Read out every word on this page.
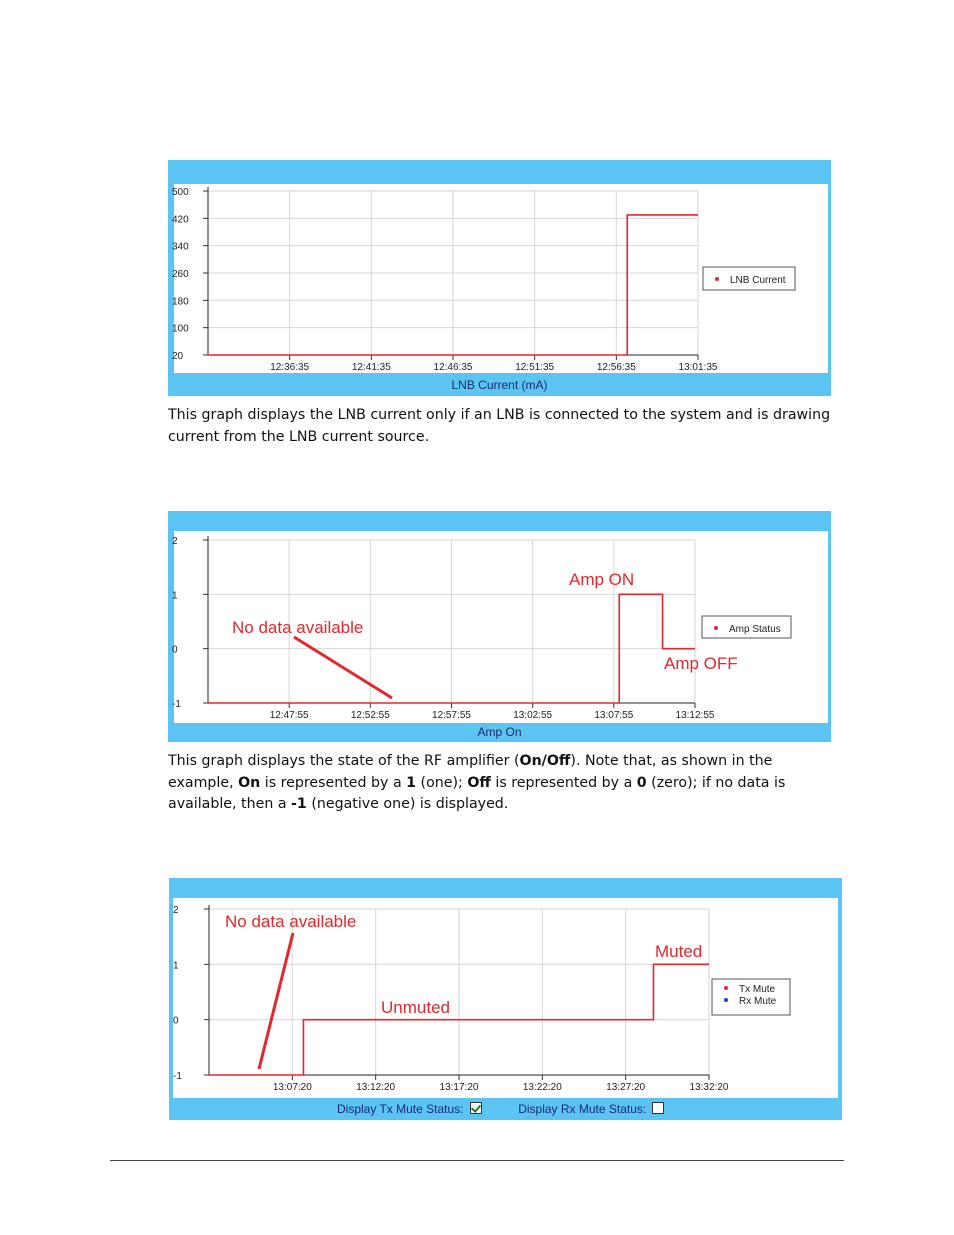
500
420
340
260
180
100
20
12:36:35	12:41:35	12:46:35	12:51:35	12:56:35	13:01:35
LNB Current
LNB Current (mA)

This graph displays the LNB current only if an LNB is connected to the system and is drawing current from the LNB current source.

2
1
0
-1
12:47:55	12:52:55	12:57:55	13:02:55	13:07:55	13:12:55
Amp Status
Amp ON
No data available
Amp OFF
Amp On

This graph displays the state of the RF amplifier (On/Off). Note that, as shown in the example, On is represented by a 1 (one); Off is represented by a 0 (zero); if no data is available, then a -1 (negative one) is displayed.

2
1
0
-1
13:07:20	13:12:20	13:17:20	13:22:20	13:27:20	13:32:20
Tx Mute
Rx Mute
No data available
Unmuted
Muted
Display Tx Mute Status:	Display Rx Mute Status:
